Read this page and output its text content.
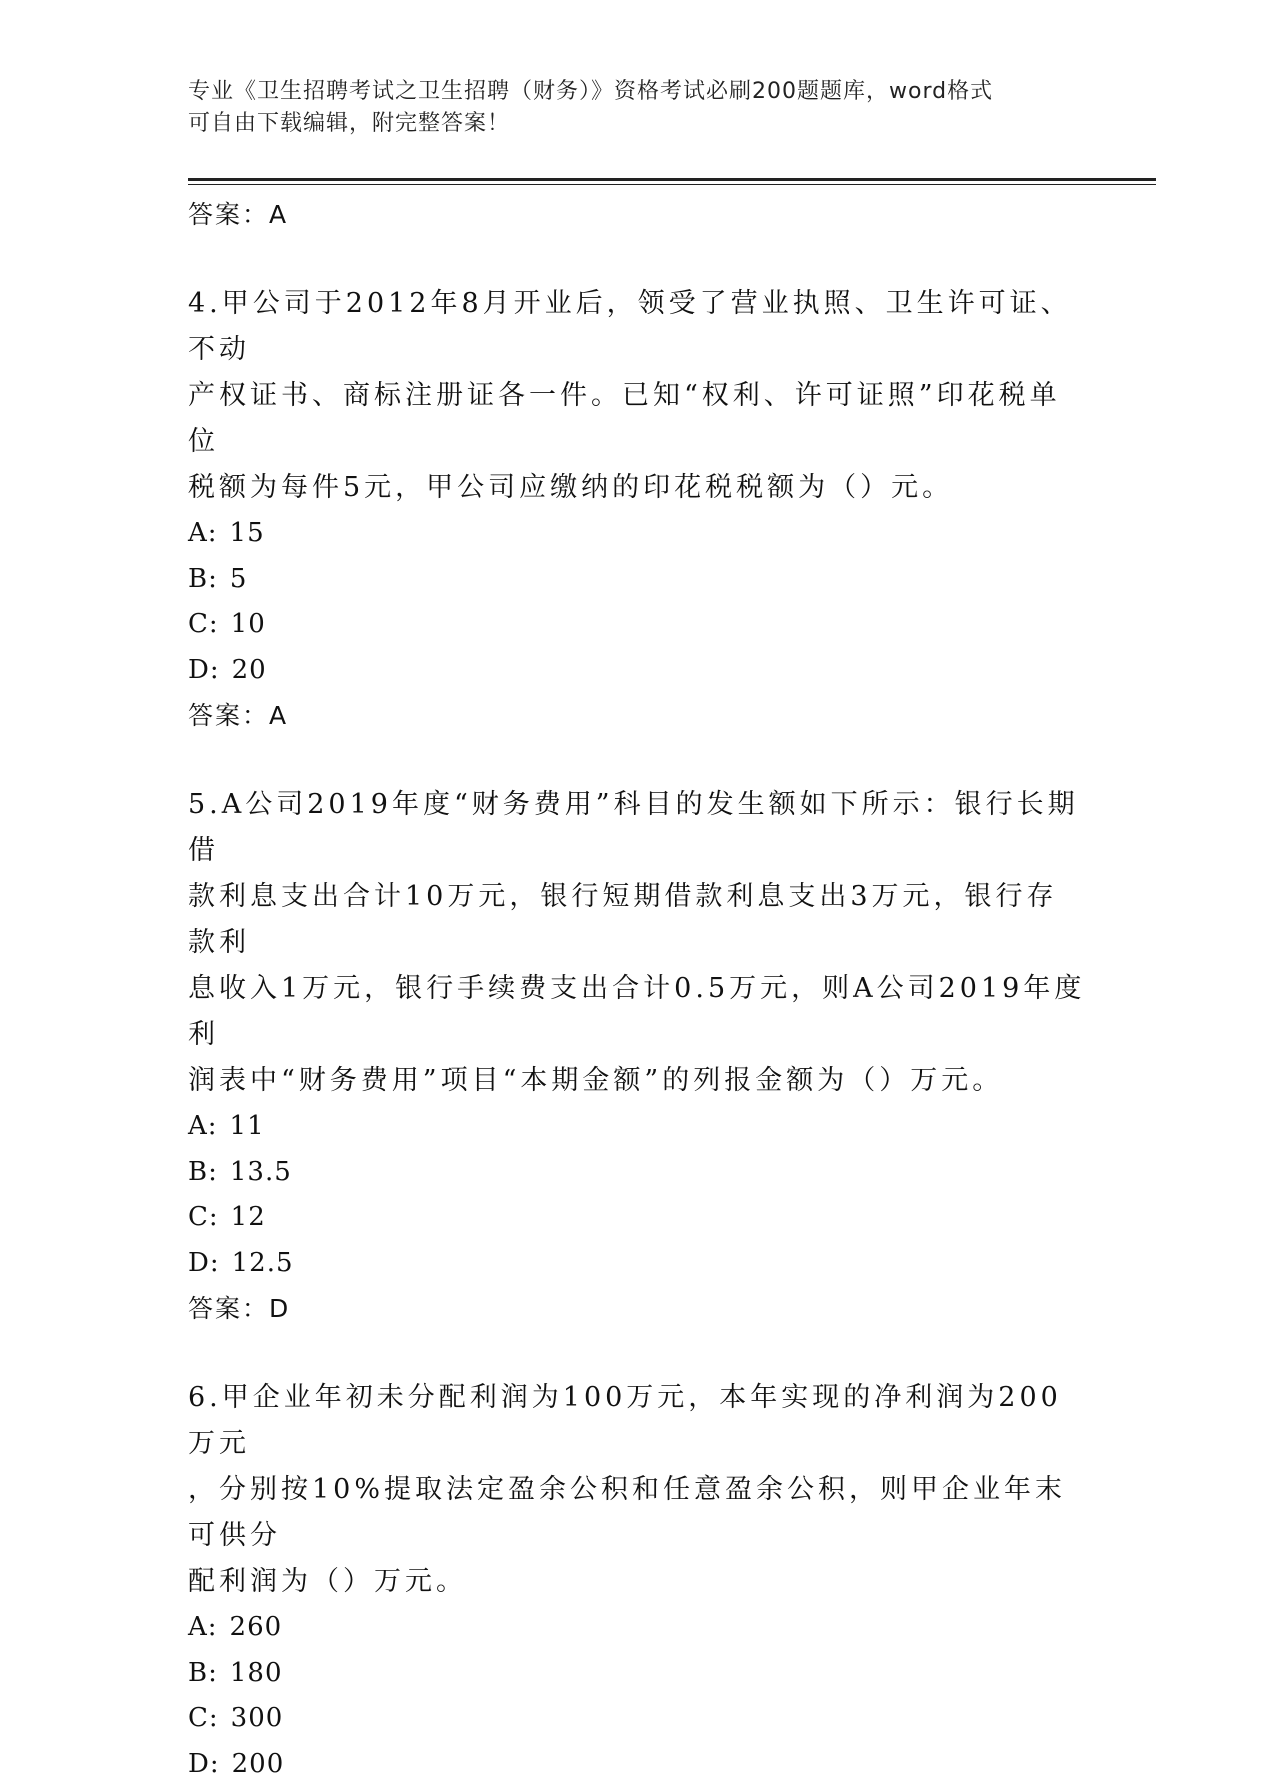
专业《卫生招聘考试之卫生招聘（财务）》资格考试必刷200题题库，word格式
可自由下载编辑，附完整答案！
答案：A
4.甲公司于2012年8月开业后，领受了营业执照、卫生许可证、不动
产权证书、商标注册证各一件。已知“权利、许可证照”印花税单位
税额为每件5元，甲公司应缴纳的印花税税额为（）元。
A: 15
B: 5
C: 10
D: 20
答案：A
5.A公司2019年度“财务费用”科目的发生额如下所示：银行长期借
款利息支出合计10万元，银行短期借款利息支出3万元，银行存款利
息收入1万元，银行手续费支出合计0.5万元，则A公司2019年度利
润表中“财务费用”项目“本期金额”的列报金额为（）万元。
A: 11
B: 13.5
C: 12
D: 12.5
答案：D
6.甲企业年初未分配利润为100万元，本年实现的净利润为200万元
，分别按10%提取法定盈余公积和任意盈余公积，则甲企业年末可供分
配利润为（）万元。
A: 260
B: 180
C: 300
D: 200
